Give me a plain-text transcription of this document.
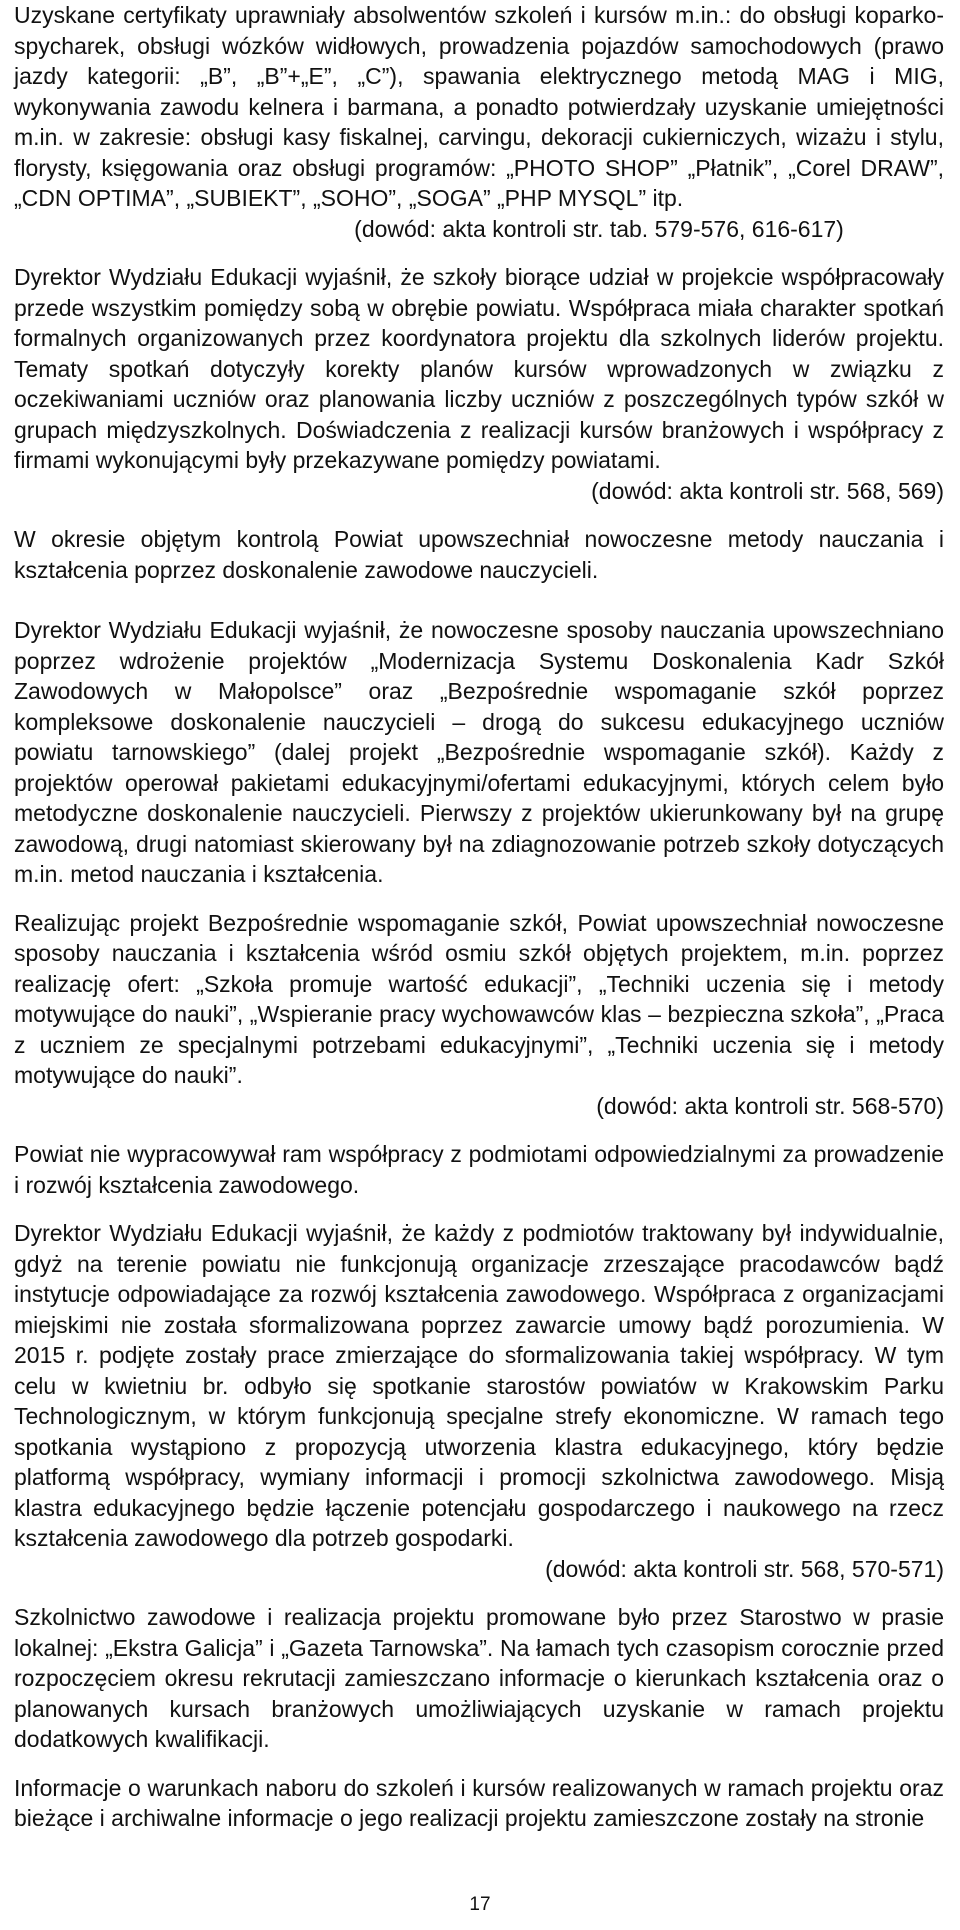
Uzyskane certyfikaty uprawniały absolwentów szkoleń i kursów m.in.: do obsługi koparko-spycharek, obsługi wózków widłowych, prowadzenia pojazdów samochodowych (prawo jazdy kategorii: „B”, „B”+„E”, „C”), spawania elektrycznego metodą MAG i MIG, wykonywania zawodu kelnera i barmana, a ponadto potwierdzały uzyskanie umiejętności m.in. w zakresie: obsługi kasy fiskalnej, carvingu, dekoracji cukierniczych, wizażu i stylu, florysty, księgowania oraz obsługi programów: „PHOTO SHOP” „Płatnik”, „Corel DRAW”, „CDN OPTIMA”, „SUBIEKT”, „SOHO”, „SOGA” „PHP MYSQL” itp.

(dowód: akta kontroli str. tab. 579-576, 616-617)

Dyrektor Wydziału Edukacji wyjaśnił, że szkoły biorące udział w projekcie współpracowały przede wszystkim pomiędzy sobą w obrębie powiatu. Współpraca miała charakter spotkań formalnych organizowanych przez koordynatora projektu dla szkolnych liderów projektu. Tematy spotkań dotyczyły korekty planów kursów wprowadzonych w związku z oczekiwaniami uczniów oraz planowania liczby uczniów z poszczególnych typów szkół w grupach międzyszkolnych. Doświadczenia z realizacji kursów branżowych i współpracy z firmami wykonującymi były przekazywane pomiędzy powiatami.

(dowód: akta kontroli str. 568, 569)

W okresie objętym kontrolą Powiat upowszechniał nowoczesne metody nauczania i kształcenia poprzez doskonalenie zawodowe nauczycieli.

Dyrektor Wydziału Edukacji wyjaśnił, że nowoczesne sposoby nauczania upowszechniano poprzez wdrożenie projektów „Modernizacja Systemu Doskonalenia Kadr Szkół Zawodowych w Małopolsce” oraz „Bezpośrednie wspomaganie szkół poprzez kompleksowe doskonalenie nauczycieli – drogą do sukcesu edukacyjnego uczniów powiatu tarnowskiego” (dalej projekt „Bezpośrednie wspomaganie szkół). Każdy z projektów operował pakietami edukacyjnymi/ofertami edukacyjnymi, których celem było metodyczne doskonalenie nauczycieli. Pierwszy z projektów ukierunkowany był na grupę zawodową, drugi natomiast skierowany był na zdiagnozowanie potrzeb szkoły dotyczących m.in. metod nauczania i kształcenia.

Realizując projekt Bezpośrednie wspomaganie szkół, Powiat upowszechniał nowoczesne sposoby nauczania i kształcenia wśród osmiu szkół objętych projektem, m.in. poprzez realizację ofert: „Szkoła promuje wartość edukacji”, „Techniki uczenia się i metody motywujące do nauki”, „Wspieranie pracy wychowawców klas – bezpieczna szkoła”, „Praca z uczniem ze specjalnymi potrzebami edukacyjnymi”, „Techniki uczenia się i metody motywujące do nauki”.

(dowód: akta kontroli str. 568-570)

Powiat nie wypracowywał ram współpracy z podmiotami odpowiedzialnymi za prowadzenie i rozwój kształcenia zawodowego.

Dyrektor Wydziału Edukacji wyjaśnił, że każdy z podmiotów traktowany był indywidualnie, gdyż na terenie powiatu nie funkcjonują organizacje zrzeszające pracodawców bądź instytucje odpowiadające za rozwój kształcenia zawodowego. Współpraca z organizacjami miejskimi nie została sformalizowana poprzez zawarcie umowy bądź porozumienia. W 2015 r. podjęte zostały prace zmierzające do sformalizowania takiej współpracy. W tym celu w kwietniu br. odbyło się spotkanie starostów powiatów w Krakowskim Parku Technologicznym, w którym funkcjonują specjalne strefy ekonomiczne. W ramach tego spotkania wystąpiono z propozycją utworzenia klastra edukacyjnego, który będzie platformą współpracy, wymiany informacji i promocji szkolnictwa zawodowego. Misją klastra edukacyjnego będzie łączenie potencjału gospodarczego i naukowego na rzecz kształcenia zawodowego dla potrzeb gospodarki.

(dowód: akta kontroli str. 568, 570-571)

Szkolnictwo zawodowe i realizacja projektu promowane było przez Starostwo w prasie lokalnej: „Ekstra Galicja” i „Gazeta Tarnowska”. Na łamach tych czasopism corocznie przed rozpoczęciem okresu rekrutacji zamieszczano informacje o kierunkach kształcenia oraz o planowanych kursach branżowych umożliwiających uzyskanie w ramach projektu dodatkowych kwalifikacji.

Informacje o warunkach naboru do szkoleń i kursów realizowanych w ramach projektu oraz bieżące i archiwalne informacje o jego realizacji projektu zamieszczone zostały na stronie

17
